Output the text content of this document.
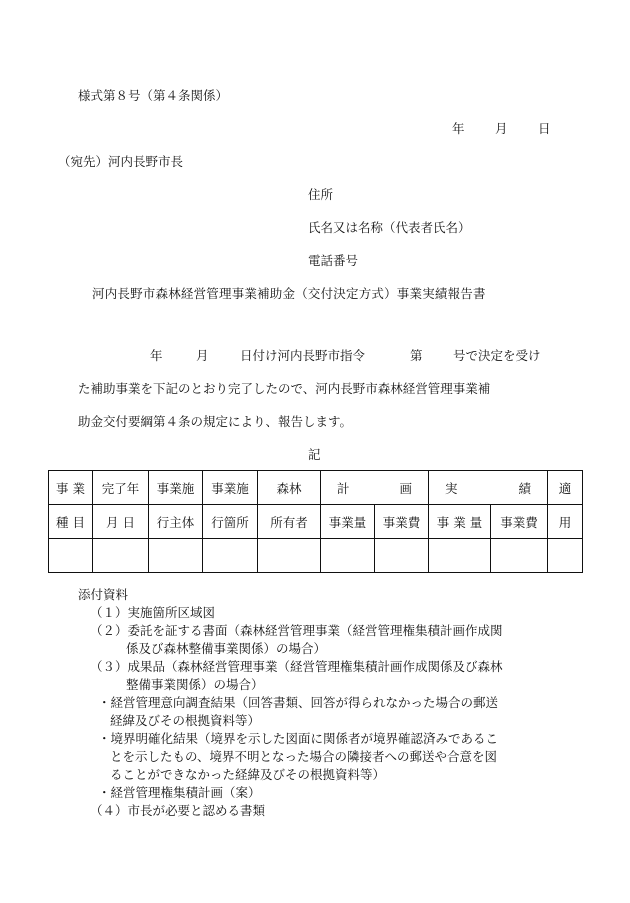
様式第８号（第４条関係）
年 月 日
（宛先）河内長野市長
住所
氏名又は名称（代表者氏名）
電話番号
河内長野市森林経営管理事業補助金（交付決定方式）事業実績報告書
年	月	日付け河内長野市指令	第 号で決定を受け
た補助事業を下記のとおり完了したので、河内長野市森林経営管理事業補
助金交付要綱第４条の規定により、報告します。
記
事 業	完了年	事業施	事業施	森林	計 画		実 績		適
種 目	月 日	行主体	行箇所	所有者	事業量	事業費	事 業 量	事業費	用

添付資料
（１）実施箇所区域図
（２）委託を証する書面（森林経営管理事業（経営管理権集積計画作成関
係及び森林整備事業関係）の場合）
（３）成果品（森林経営管理事業（経営管理権集積計画作成関係及び森林
整備事業関係）の場合）
・経営管理意向調査結果（回答書類、回答が得られなかった場合の郵送
経緯及びその根拠資料等）
・境界明確化結果（境界を示した図面に関係者が境界確認済みであるこ
とを示したもの、境界不明となった場合の隣接者への郵送や合意を図
ることができなかった経緯及びその根拠資料等）
・経営管理権集積計画（案）
（４）市長が必要と認める書類
